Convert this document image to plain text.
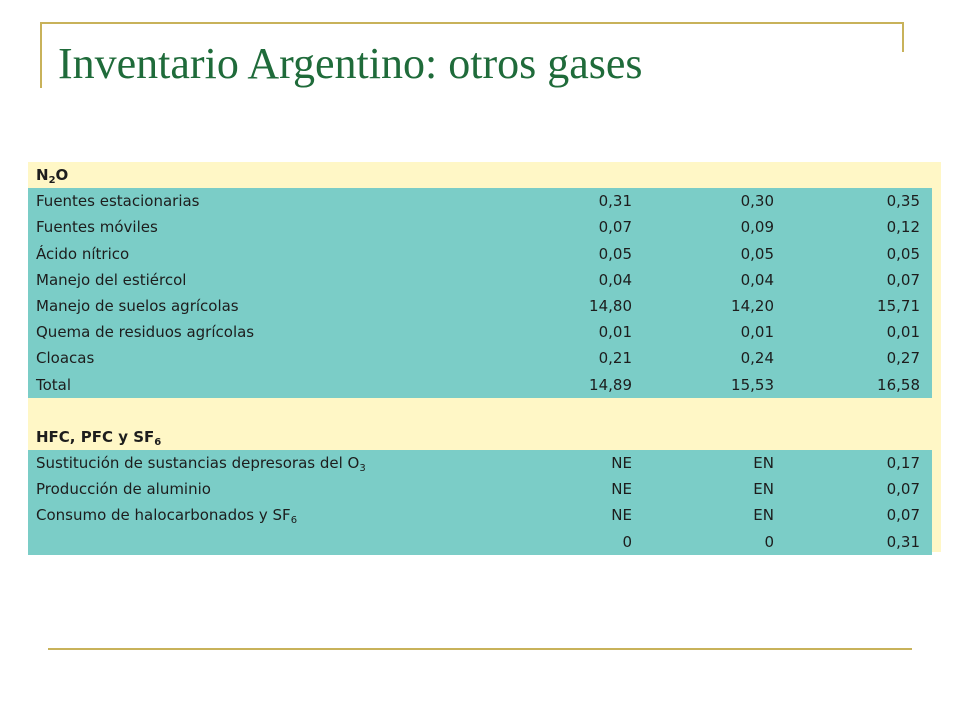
Inventario Argentino: otros gases
$N_2O$			
Fuentes estacionarias	0,31	0,30	0,35
Fuentes móviles	0,07	0,09	0,12
Ácido nítrico	0,05	0,05	0,05
Manejo del estiércol	0,04	0,04	0,07
Manejo de suelos agrícolas	14,80	14,20	15,71
Quema de residuos agrícolas	0,01	0,01	0,01
Cloacas	0,21	0,24	0,27
Total	14,89	15,53	16,58

HFC, PFC y $SF_6$
Sustitución de sustancias depresoras del $O_3$	NE	EN	0,17
Producción de aluminio	NE	EN	0,07
Consumo de halocarbonados y $SF_6$	NE	EN	0,07
	0	0	0,31
